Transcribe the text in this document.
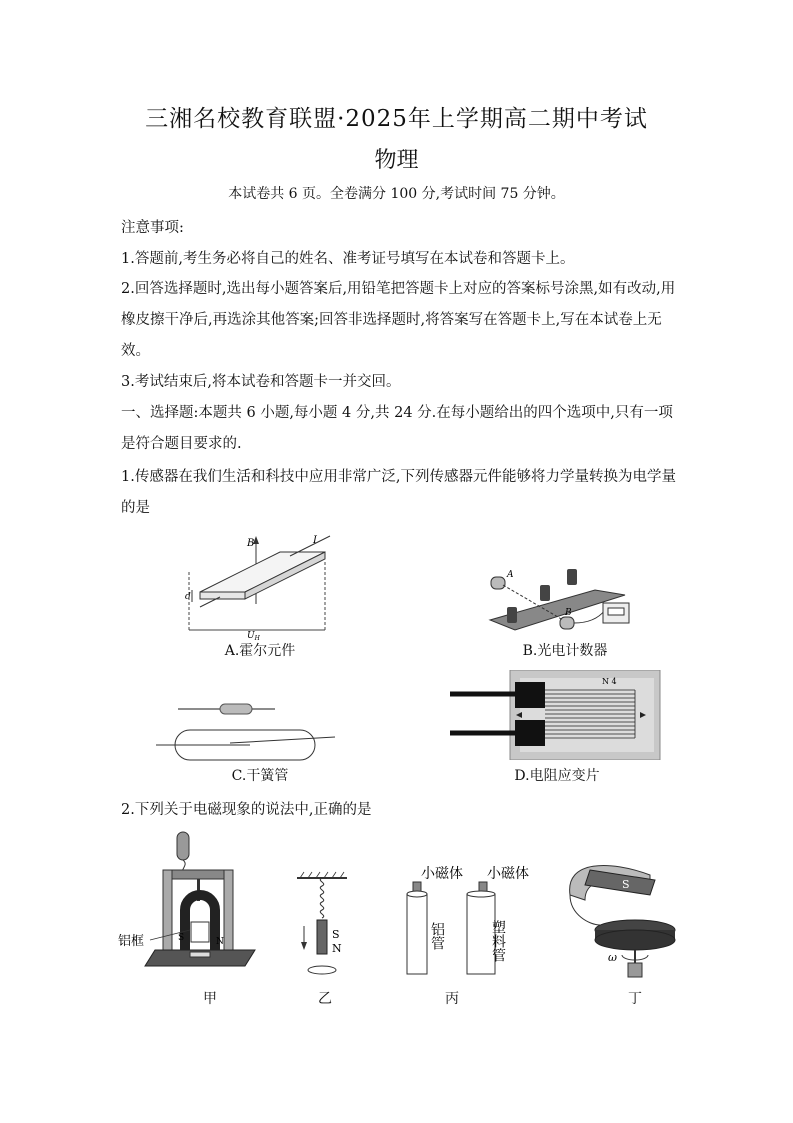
三湘名校教育联盟·2025年上学期高二期中考试
物理
本试卷共 6 页。全卷满分 100 分,考试时间 75 分钟。
注意事项:
1.答题前,考生务必将自己的姓名、准考证号填写在本试卷和答题卡上。
2.回答选择题时,选出每小题答案后,用铅笔把答题卡上对应的答案标号涂黑,如有改动,用橡皮擦干净后,再选涂其他答案;回答非选择题时,将答案写在答题卡上,写在本试卷上无效。
3.考试结束后,将本试卷和答题卡一并交回。
一、选择题:本题共 6 小题,每小题 4 分,共 24 分.在每小题给出的四个选项中,只有一项是符合题目要求的.
1.传感器在我们生活和科技中应用非常广泛,下列传感器元件能够将力学量转换为电学量的是
B	I
d
$U_H$
A.霍尔元件
A
B
B.光电计数器
C.干簧管
N 4
D.电阻应变片
2.下列关于电磁现象的说法中,正确的是
S	N
铝框
甲
S
N
乙
小磁体 小磁体
铝管	塑料管
丙
S
ω
丁
